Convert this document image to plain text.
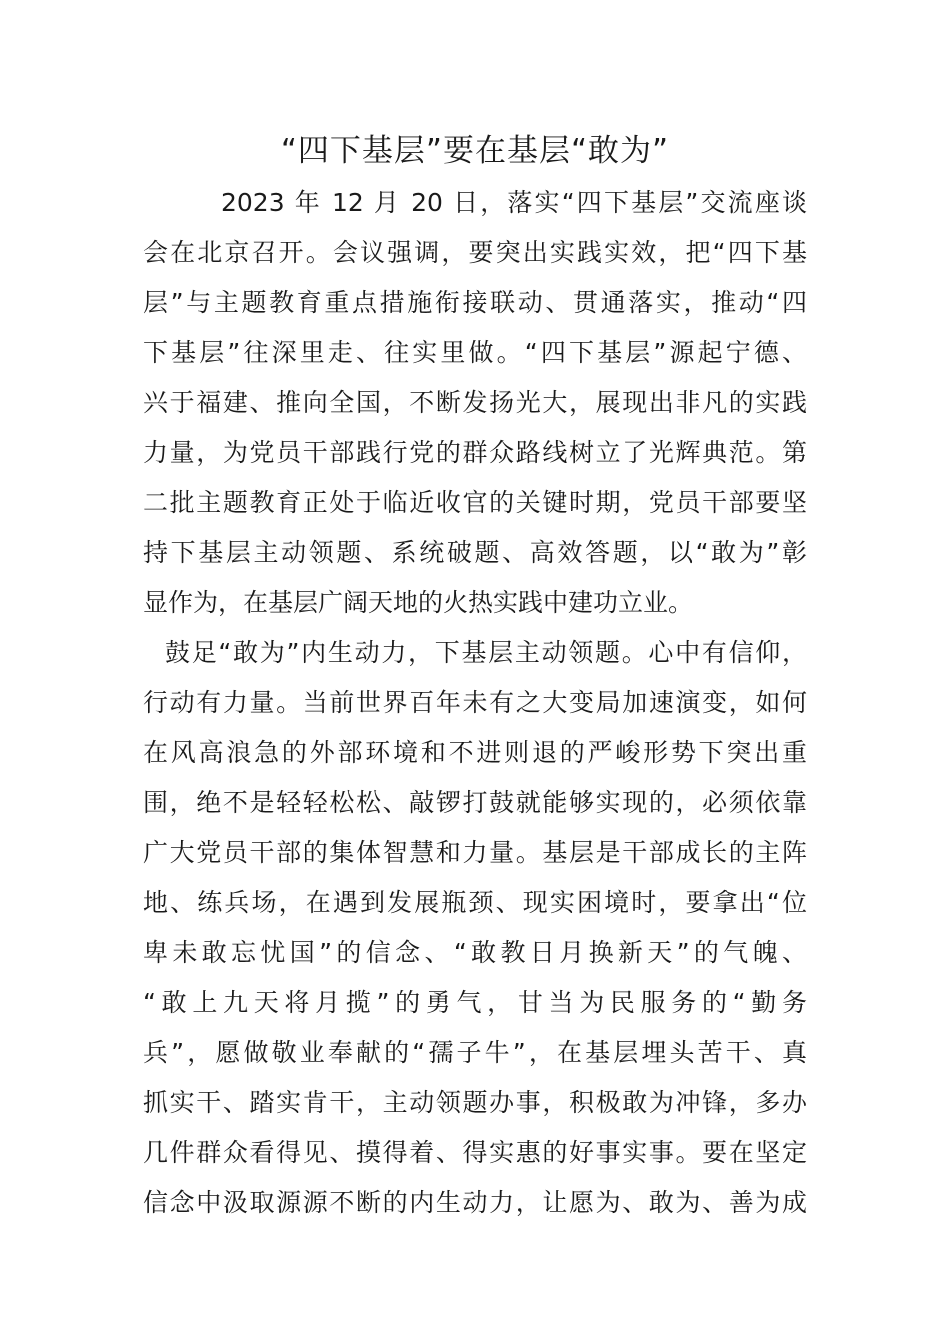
“四下基层”要在基层“敢为”
2023 年 12 月 20 日，落实“四下基层”交流座谈
会在北京召开。会议强调，要突出实践实效，把“四下基
层”与主题教育重点措施衔接联动、贯通落实，推动“四
下基层”往深里走、往实里做。“四下基层”源起宁德、
兴于福建、推向全国，不断发扬光大，展现出非凡的实践
力量，为党员干部践行党的群众路线树立了光辉典范。第
二批主题教育正处于临近收官的关键时期，党员干部要坚
持下基层主动领题、系统破题、高效答题，以“敢为”彰
显作为，在基层广阔天地的火热实践中建功立业。
鼓足“敢为”内生动力，下基层主动领题。心中有信仰，
行动有力量。当前世界百年未有之大变局加速演变，如何
在风高浪急的外部环境和不进则退的严峻形势下突出重
围，绝不是轻轻松松、敲锣打鼓就能够实现的，必须依靠
广大党员干部的集体智慧和力量。基层是干部成长的主阵
地、练兵场，在遇到发展瓶颈、现实困境时，要拿出“位
卑未敢忘忧国”的信念、“敢教日月换新天”的气魄、
“敢上九天将月揽”的勇气，甘当为民服务的“勤务
兵”，愿做敬业奉献的“孺子牛”，在基层埋头苦干、真
抓实干、踏实肯干，主动领题办事，积极敢为冲锋，多办
几件群众看得见、摸得着、得实惠的好事实事。要在坚定
信念中汲取源源不断的内生动力，让愿为、敢为、善为成
